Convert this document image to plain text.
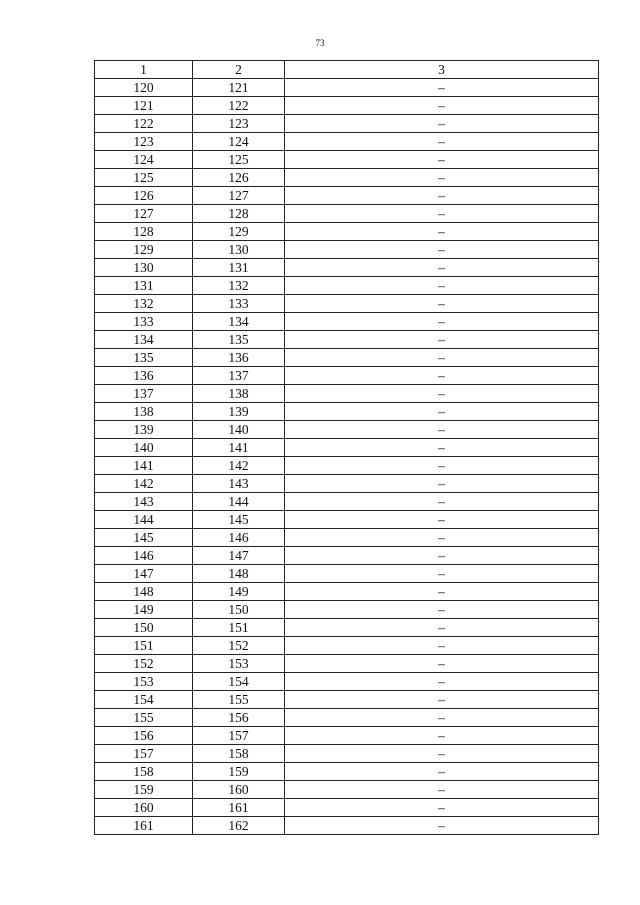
73
1	2	3
120	121	–
121	122	–
122	123	–
123	124	–
124	125	–
125	126	–
126	127	–
127	128	–
128	129	–
129	130	–
130	131	–
131	132	–
132	133	–
133	134	–
134	135	–
135	136	–
136	137	–
137	138	–
138	139	–
139	140	–
140	141	–
141	142	–
142	143	–
143	144	–
144	145	–
145	146	–
146	147	–
147	148	–
148	149	–
149	150	–
150	151	–
151	152	–
152	153	–
153	154	–
154	155	–
155	156	–
156	157	–
157	158	–
158	159	–
159	160	–
160	161	–
161	162	–
